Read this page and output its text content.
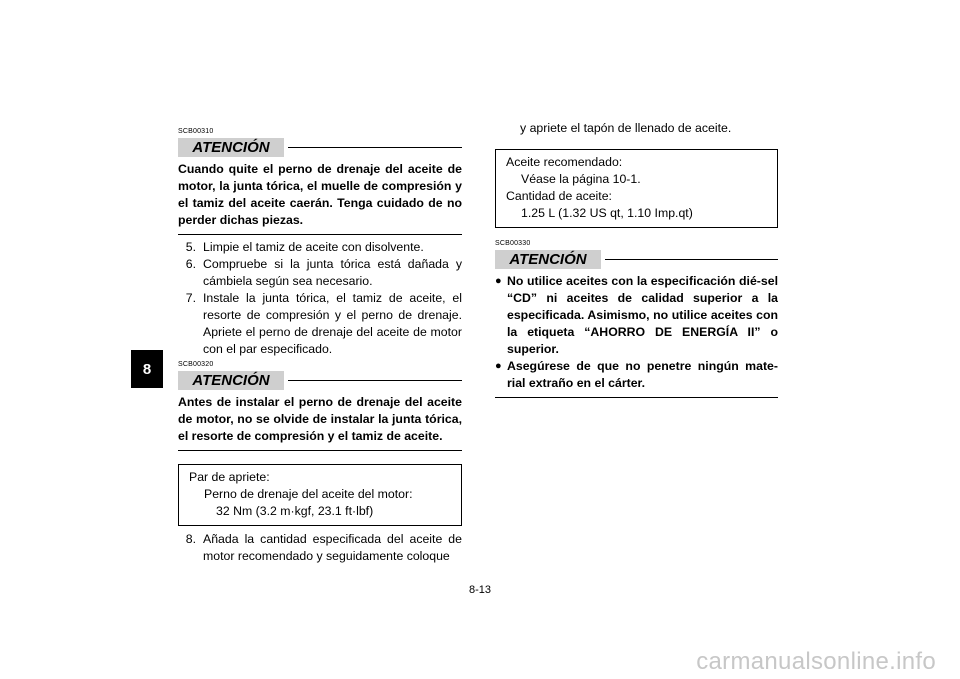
8
SCB00310
ATENCIÓN
Cuando quite el perno de drenaje del aceite de motor, la junta tórica, el muelle de compresión y el tamiz del aceite caerán. Tenga cuidado de no perder dichas piezas.
5. Limpie el tamiz de aceite con disolvente.
6. Compruebe si la junta tórica está dañada y cámbiela según sea necesario.
7. Instale la junta tórica, el tamiz de aceite, el resorte de compresión y el perno de drenaje. Apriete el perno de drenaje del aceite de motor con el par especificado.
SCB00320
ATENCIÓN
Antes de instalar el perno de drenaje del aceite de motor, no se olvide de instalar la junta tórica, el resorte de compresión y el tamiz de aceite.
Par de apriete:
Perno de drenaje del aceite del motor:
32 Nm (3.2 m·kgf, 23.1 ft·lbf)
8. Añada la cantidad especificada del aceite de motor recomendado y seguidamente coloque
y apriete el tapón de llenado de aceite.
Aceite recomendado:
Véase la página 10-1.
Cantidad de aceite:
1.25 L (1.32 US qt, 1.10 Imp.qt)
SCB00330
ATENCIÓN
● No utilice aceites con la especificación dié-sel “CD” ni aceites de calidad superior a la especificada. Asimismo, no utilice aceites con la etiqueta “AHORRO DE ENERGÍA II” o superior.
● Asegúrese de que no penetre ningún mate-rial extraño en el cárter.
8-13
carmanualsonline.info
